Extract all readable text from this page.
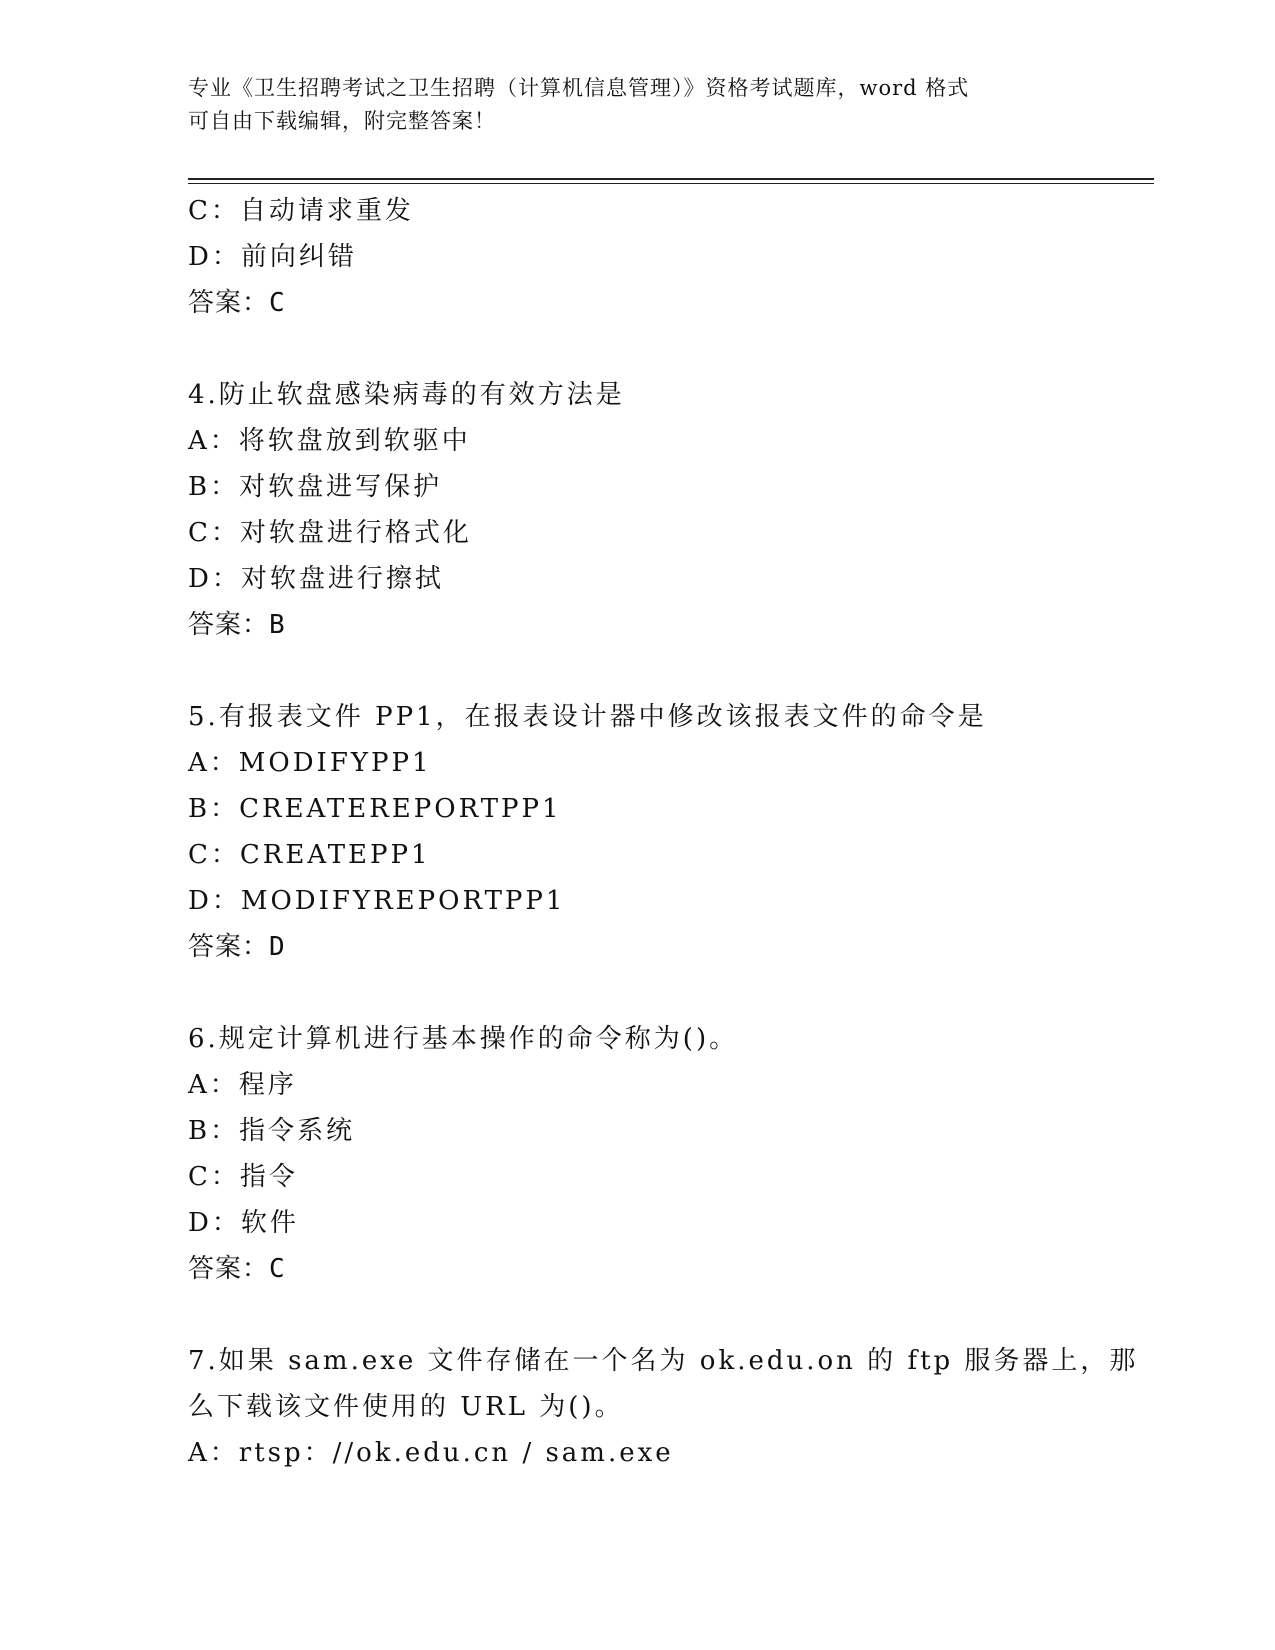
专业《卫生招聘考试之卫生招聘（计算机信息管理）》资格考试题库，word 格式
可自由下载编辑，附完整答案！
C：自动请求重发
D：前向纠错
答案：C
4.防止软盘感染病毒的有效方法是
A：将软盘放到软驱中
B：对软盘进写保护
C：对软盘进行格式化
D：对软盘进行擦拭
答案：B
5.有报表文件 PP1，在报表设计器中修改该报表文件的命令是
A：MODIFYPP1
B：CREATEREPORTPP1
C：CREATEPP1
D：MODIFYREPORTPP1
答案：D
6.规定计算机进行基本操作的命令称为()。
A：程序
B：指令系统
C：指令
D：软件
答案：C
7.如果 sam.exe 文件存储在一个名为 ok.edu.on 的 ftp 服务器上，那
么下载该文件使用的 URL 为()。
A：rtsp：//ok.edu.cn / sam.exe
